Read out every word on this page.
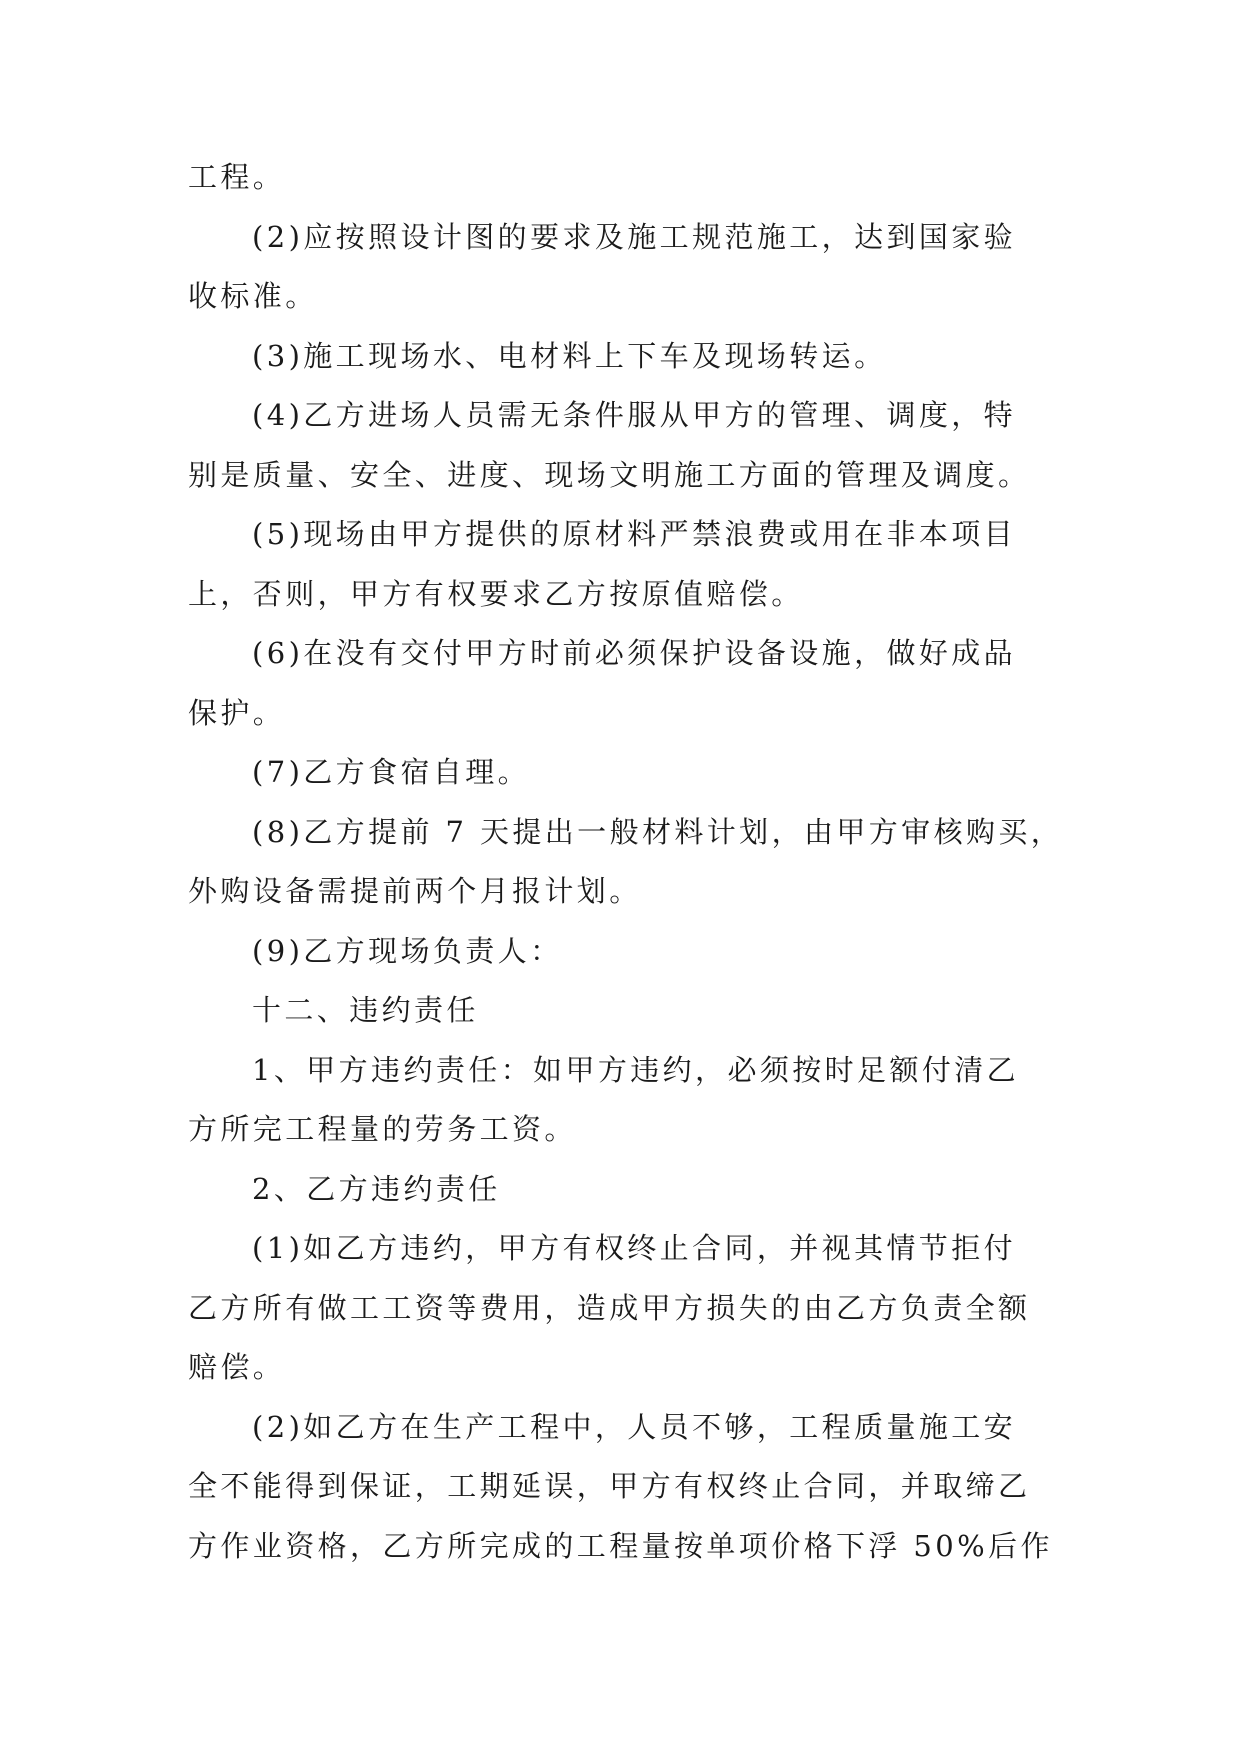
工程。
(2)应按照设计图的要求及施工规范施工，达到国家验
收标准。
(3)施工现场水、电材料上下车及现场转运。
(4)乙方进场人员需无条件服从甲方的管理、调度，特
别是质量、安全、进度、现场文明施工方面的管理及调度。
(5)现场由甲方提供的原材料严禁浪费或用在非本项目
上，否则，甲方有权要求乙方按原值赔偿。
(6)在没有交付甲方时前必须保护设备设施，做好成品
保护。
(7)乙方食宿自理。
(8)乙方提前 7 天提出一般材料计划，由甲方审核购买，
外购设备需提前两个月报计划。
(9)乙方现场负责人：
十二、违约责任
1、甲方违约责任：如甲方违约，必须按时足额付清乙
方所完工程量的劳务工资。
2、乙方违约责任
(1)如乙方违约，甲方有权终止合同，并视其情节拒付
乙方所有做工工资等费用，造成甲方损失的由乙方负责全额
赔偿。
(2)如乙方在生产工程中，人员不够，工程质量施工安
全不能得到保证，工期延误，甲方有权终止合同，并取缔乙
方作业资格，乙方所完成的工程量按单项价格下浮 50%后作
